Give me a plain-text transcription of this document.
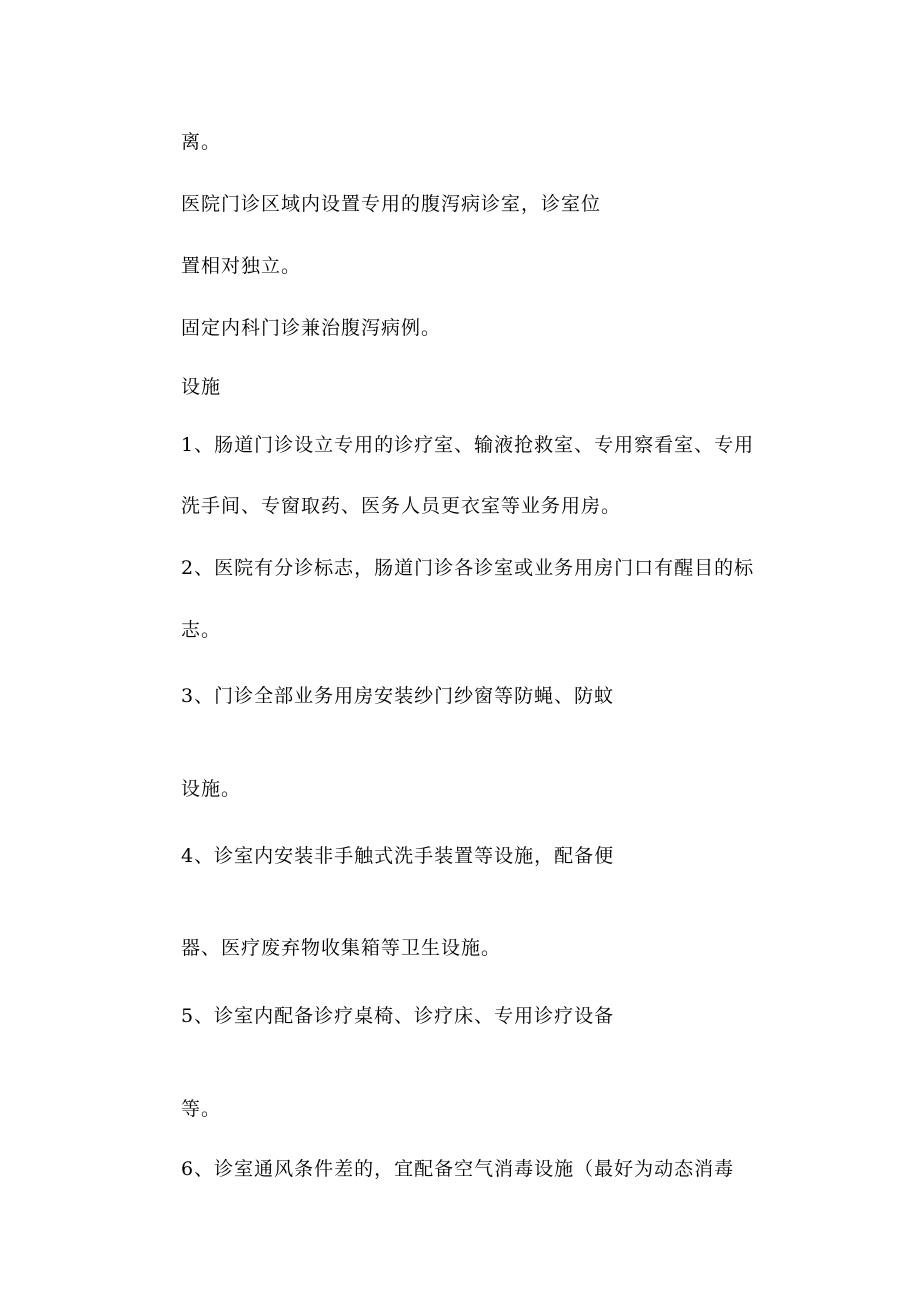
离。
医院门诊区域内设置专用的腹泻病诊室，诊室位
置相对独立。
固定内科门诊兼治腹泻病例。
设施
1、肠道门诊设立专用的诊疗室、输液抢救室、专用察看室、专用
洗手间、专窗取药、医务人员更衣室等业务用房。
2、医院有分诊标志，肠道门诊各诊室或业务用房门口有醒目的标
志。
3、门诊全部业务用房安装纱门纱窗等防蝇、防蚊
设施。
4、诊室内安装非手触式洗手装置等设施，配备便
器、医疗废弃物收集箱等卫生设施。
5、诊室内配备诊疗桌椅、诊疗床、专用诊疗设备
等。
6、诊室通风条件差的，宜配备空气消毒设施（最好为动态消毒
